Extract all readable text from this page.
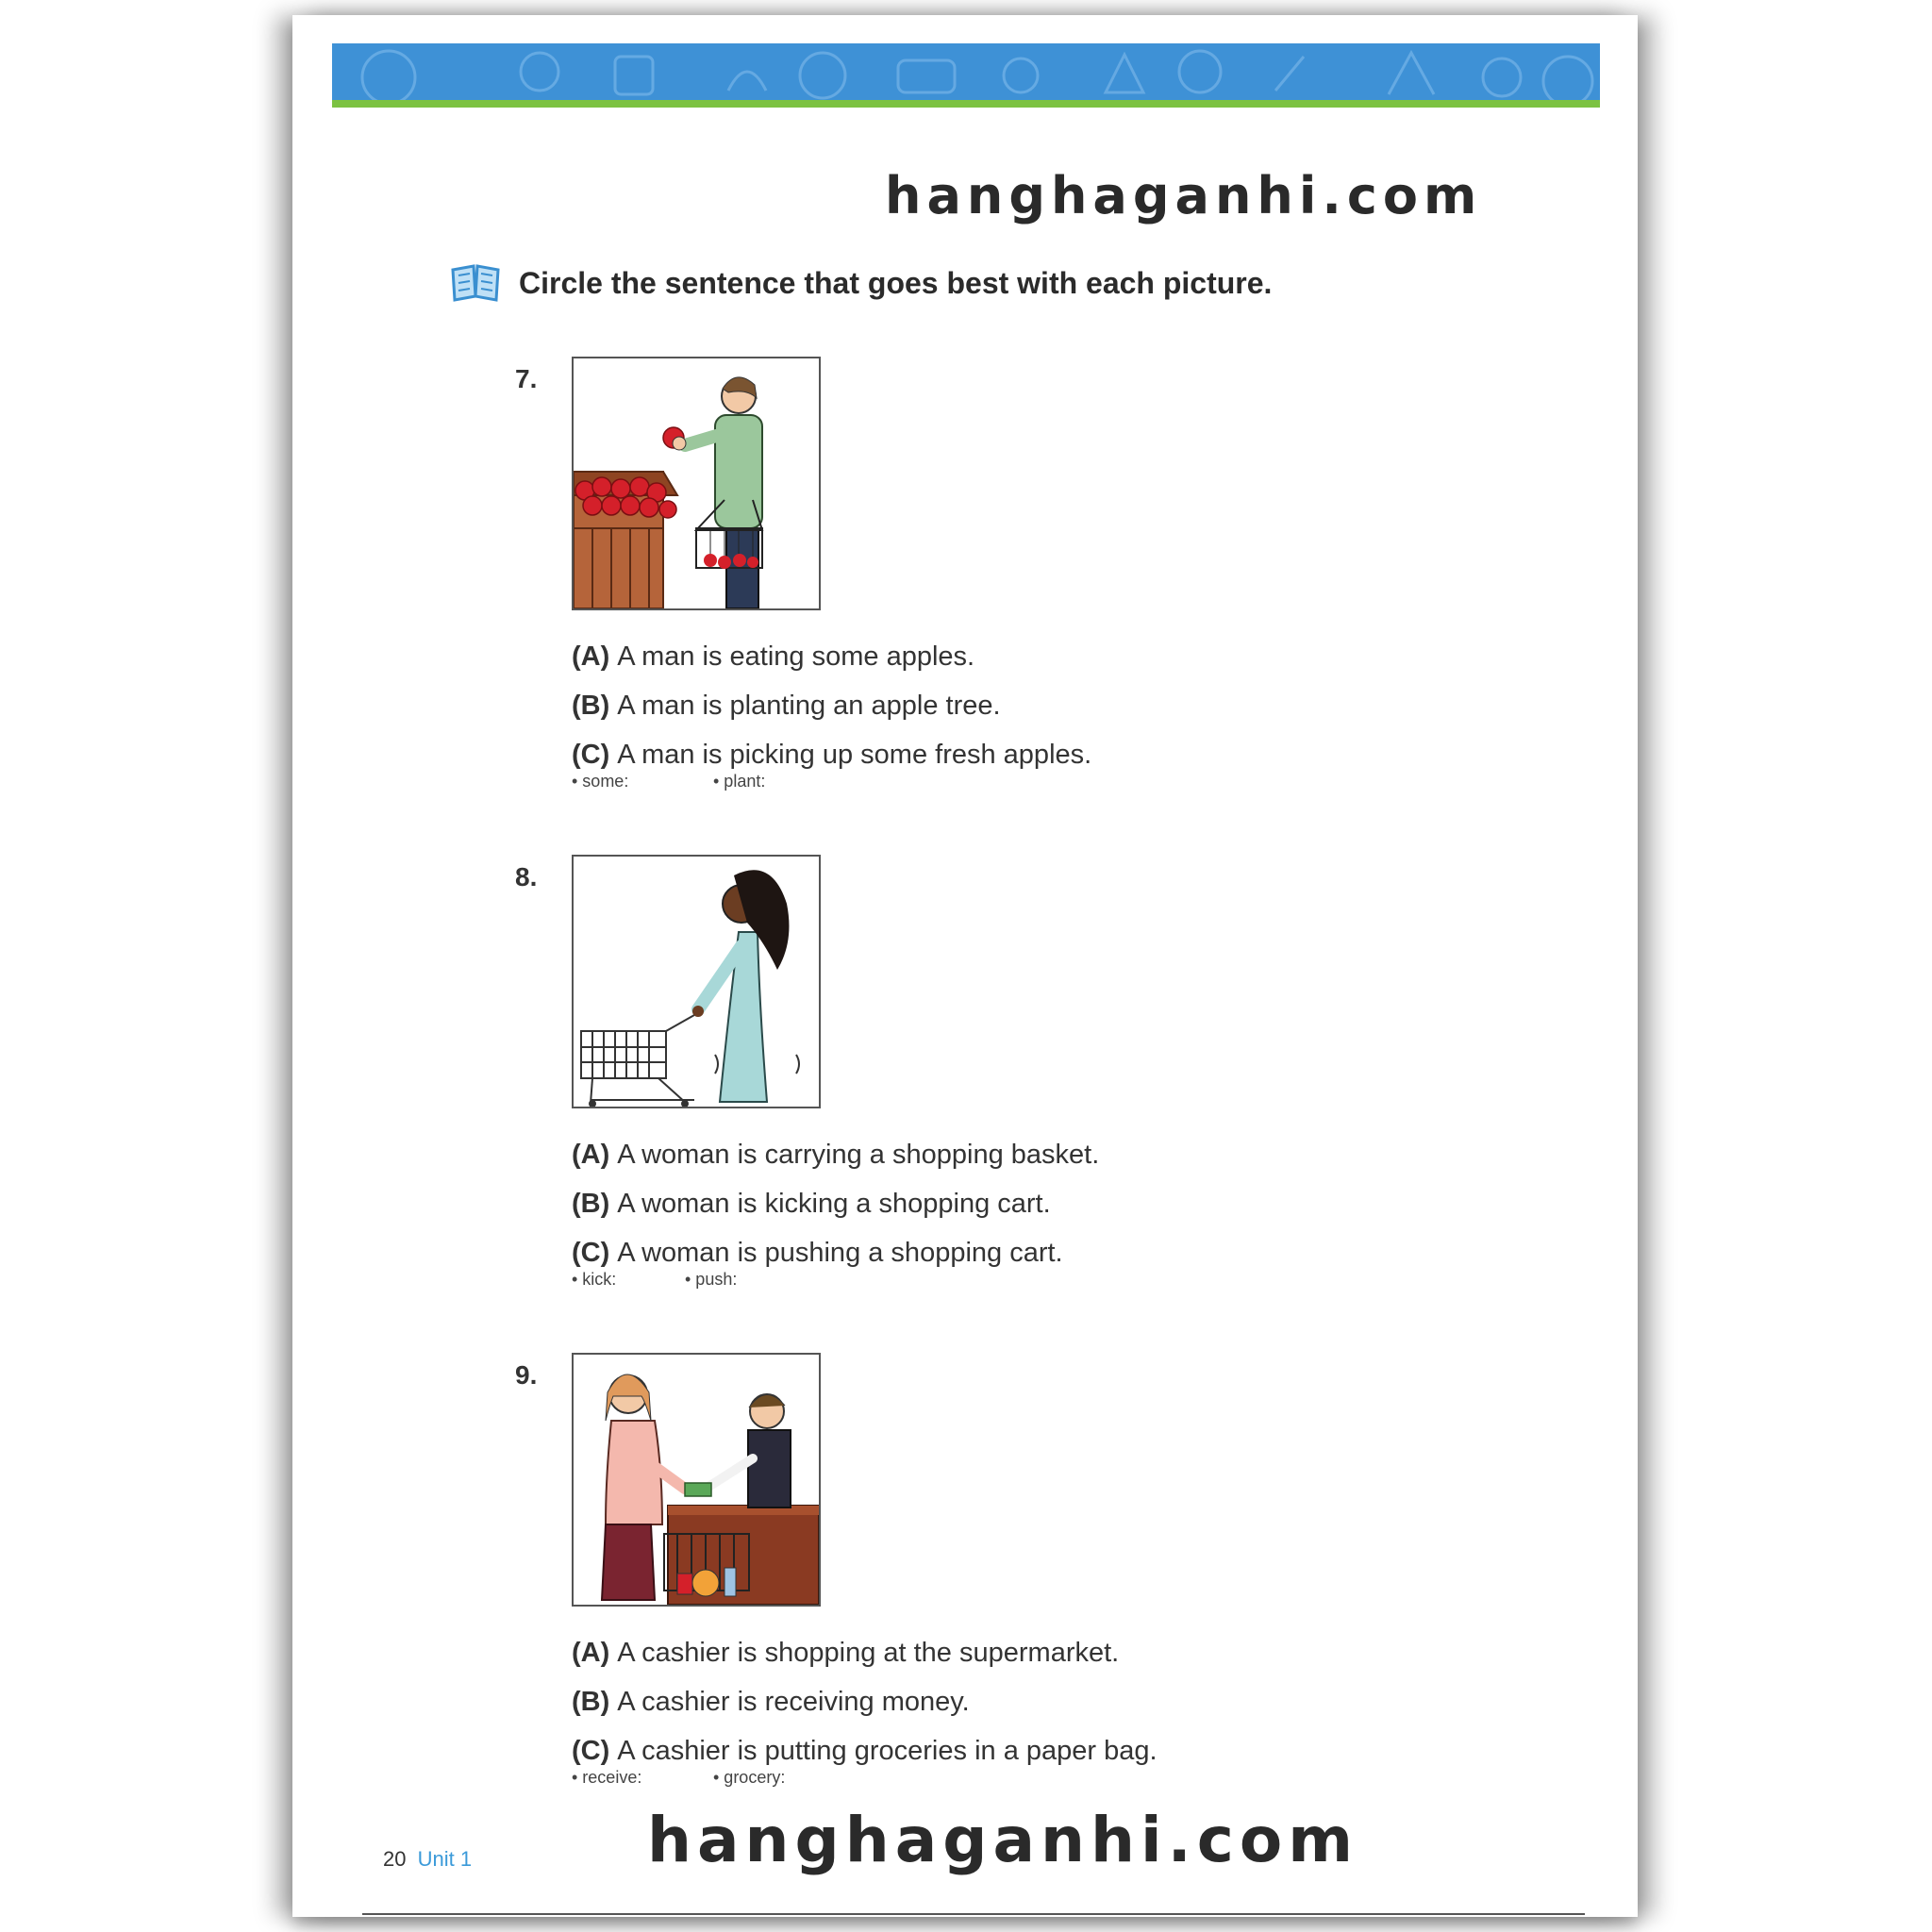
hanghaganhi.com
Circle the sentence that goes best with each picture.
7.
(A) A man is eating some apples.
(B) A man is planting an apple tree.
(C) A man is picking up some fresh apples.
• some:	• plant:
8.
(A) A woman is carrying a shopping basket.
(B) A woman is kicking a shopping cart.
(C) A woman is pushing a shopping cart.
• kick:	• push:
9.
(A) A cashier is shopping at the supermarket.
(B) A cashier is receiving money.
(C) A cashier is putting groceries in a paper bag.
• receive:	• grocery:
20 Unit 1	hanghaganhi.com
